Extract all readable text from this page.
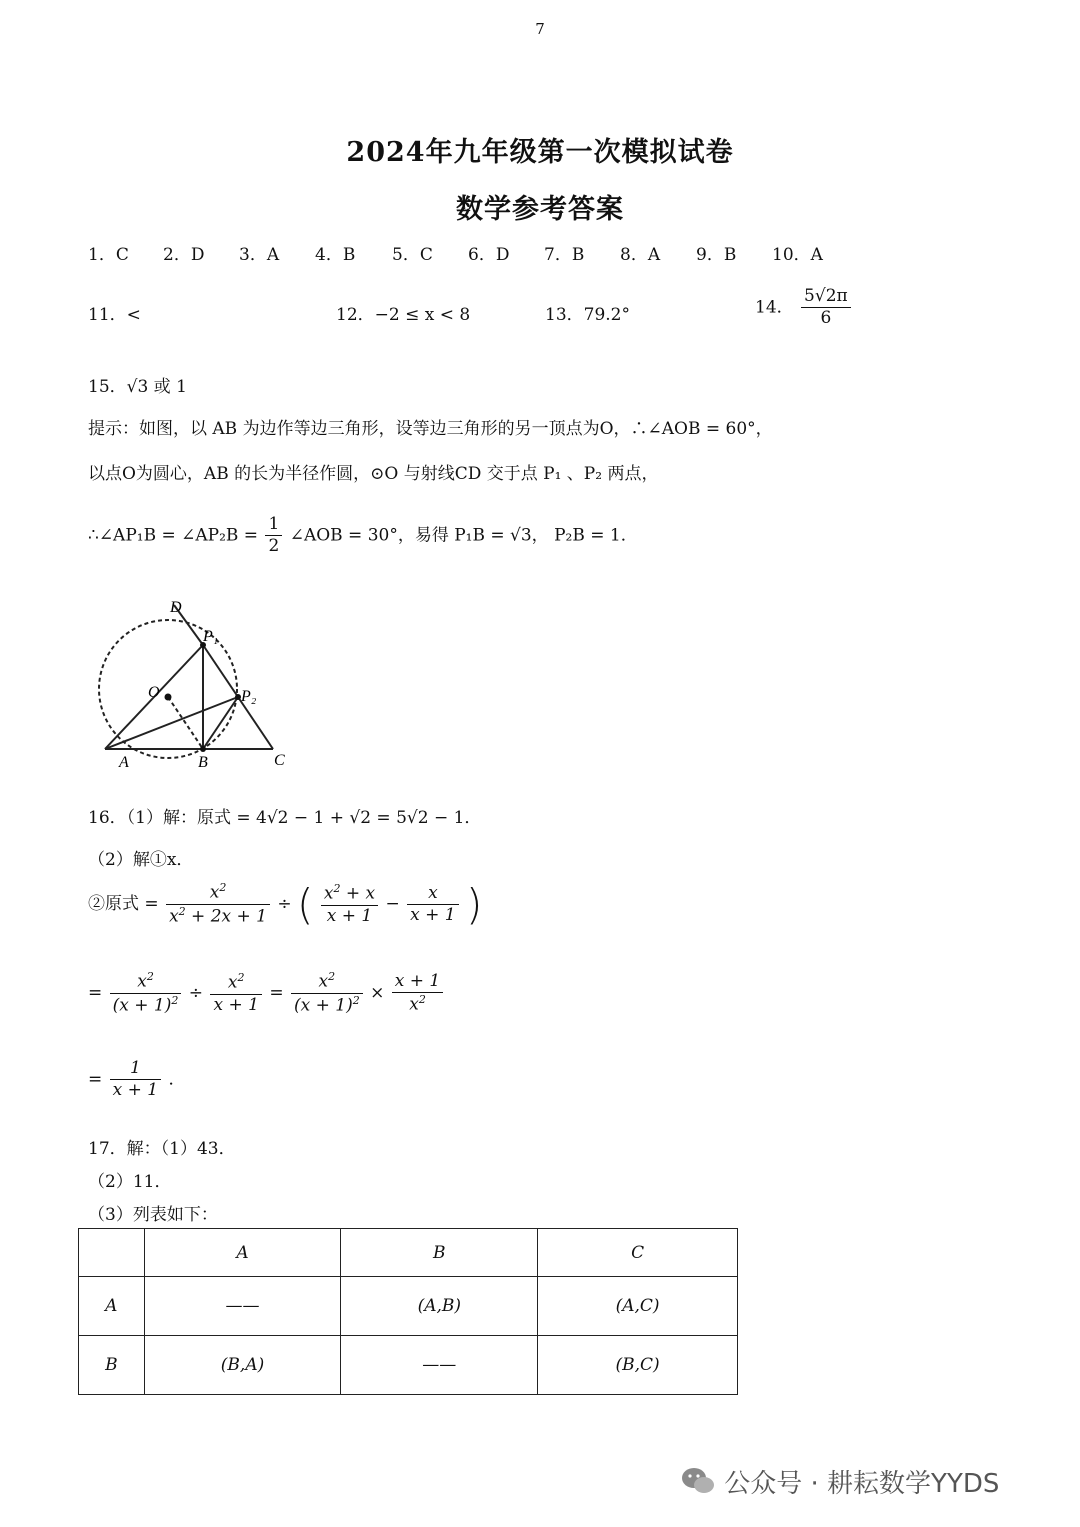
7
2024年九年级第一次模拟试卷
数学参考答案
1．C 2．D 3．A 4．B 5．C 6．D 7．B 8．A 9．B 10．A
11．<	12．−2 ≤ x < 8	13．79.2°	14． $\frac{5√2\pi}{6}$
15．√3 或 1
提示：如图，以 AB 为边作等边三角形，设等边三角形的另一顶点为O，∴∠AOB = 60°，
以点O为圆心，AB 的长为半径作圆，⊙O 与射线CD 交于点 P₁ 、P₂ 两点，
∴∠AP₁B = ∠AP₂B = $\frac{1}{2}$ ∠AOB = 30°，易得 P₁B = √3， P₂B = 1．
D
P₁
O	P₂
A	B	C
16．（1）解：原式 = 4√2 − 1 + √2 = 5√2 − 1．
（2）解①x．
②原式 = $\frac{x^2}{x^2 + 2x + 1}$ ÷ ( $\frac{x^2 + x}{x + 1} - \frac{x}{x + 1}$ )
= $\frac{x^2}{(x + 1)^2} \div \frac{x^2}{x + 1} = \frac{x^2}{(x + 1)^2} \times \frac{x + 1}{x^2}$
= $\frac{1}{x + 1}$ ．
17．解：（1）43．
（2）11．
（3）列表如下：
	A	B	C
A	——	(A,B)	(A,C)
B	(B,A)	——	(B,C)
公众号 · 耕耘数学YYDS
